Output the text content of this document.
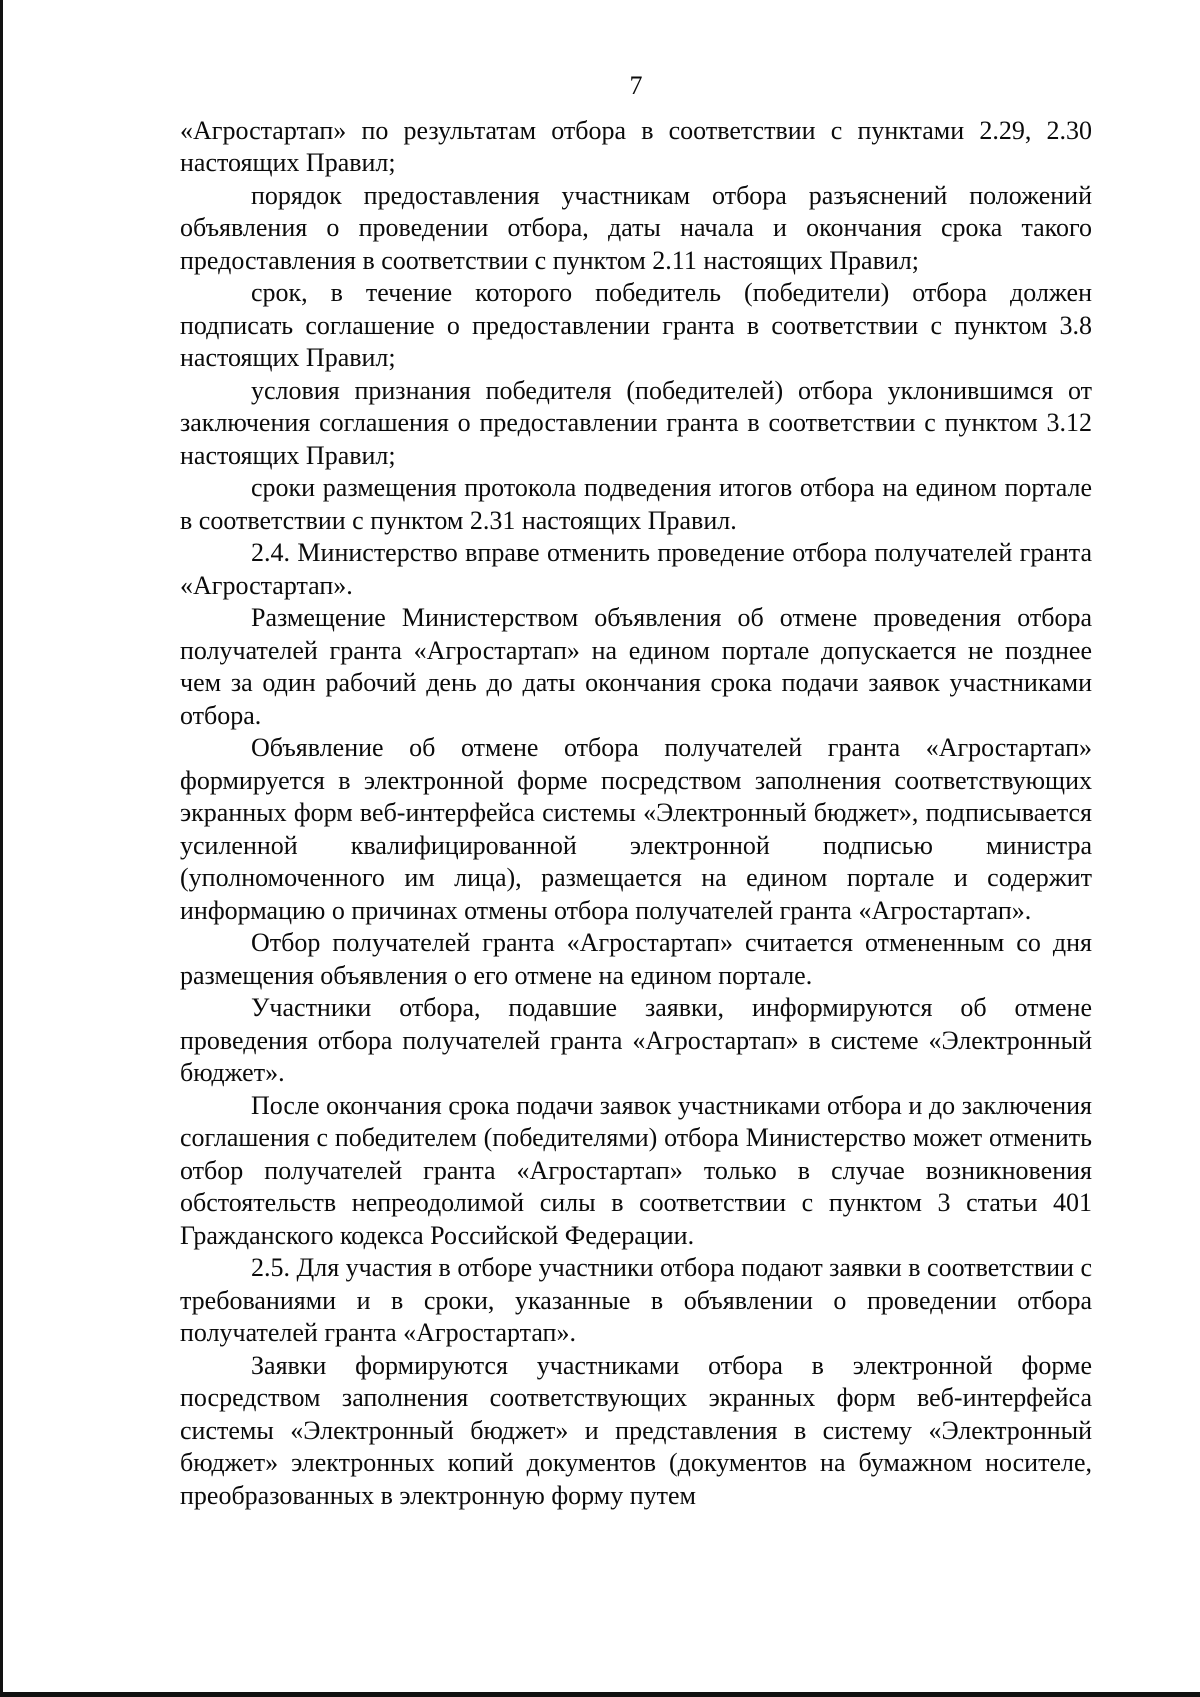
7

«Агростартап» по результатам отбора в соответствии с пунктами 2.29, 2.30 настоящих Правил;

порядок предоставления участникам отбора разъяснений положений объявления о проведении отбора, даты начала и окончания срока такого предоставления в соответствии с пунктом 2.11 настоящих Правил;

срок, в течение которого победитель (победители) отбора должен подписать соглашение о предоставлении гранта в соответствии с пунктом 3.8 настоящих Правил;

условия признания победителя (победителей) отбора уклонившимся от заключения соглашения о предоставлении гранта в соответствии с пунктом 3.12 настоящих Правил;

сроки размещения протокола подведения итогов отбора на едином портале в соответствии с пунктом 2.31 настоящих Правил.

2.4. Министерство вправе отменить проведение отбора получателей гранта «Агростартап».

Размещение Министерством объявления об отмене проведения отбора получателей гранта «Агростартап» на едином портале допускается не позднее чем за один рабочий день до даты окончания срока подачи заявок участниками отбора.

Объявление об отмене отбора получателей гранта «Агростартап» формируется в электронной форме посредством заполнения соответствующих экранных форм веб-интерфейса системы «Электронный бюджет», подписывается усиленной квалифицированной электронной подписью министра (уполномоченного им лица), размещается на едином портале и содержит информацию о причинах отмены отбора получателей гранта «Агростартап».

Отбор получателей гранта «Агростартап» считается отмененным со дня размещения объявления о его отмене на едином портале.

Участники отбора, подавшие заявки, информируются об отмене проведения отбора получателей гранта «Агростартап» в системе «Электронный бюджет».

После окончания срока подачи заявок участниками отбора и до заключения соглашения с победителем (победителями) отбора Министерство может отменить отбор получателей гранта «Агростартап» только в случае возникновения обстоятельств непреодолимой силы в соответствии с пунктом 3 статьи 401 Гражданского кодекса Российской Федерации.

2.5. Для участия в отборе участники отбора подают заявки в соответствии с требованиями и в сроки, указанные в объявлении о проведении отбора получателей гранта «Агростартап».

Заявки формируются участниками отбора в электронной форме посредством заполнения соответствующих экранных форм веб-интерфейса системы «Электронный бюджет» и представления в систему «Электронный бюджет» электронных копий документов (документов на бумажном носителе, преобразованных в электронную форму путем
